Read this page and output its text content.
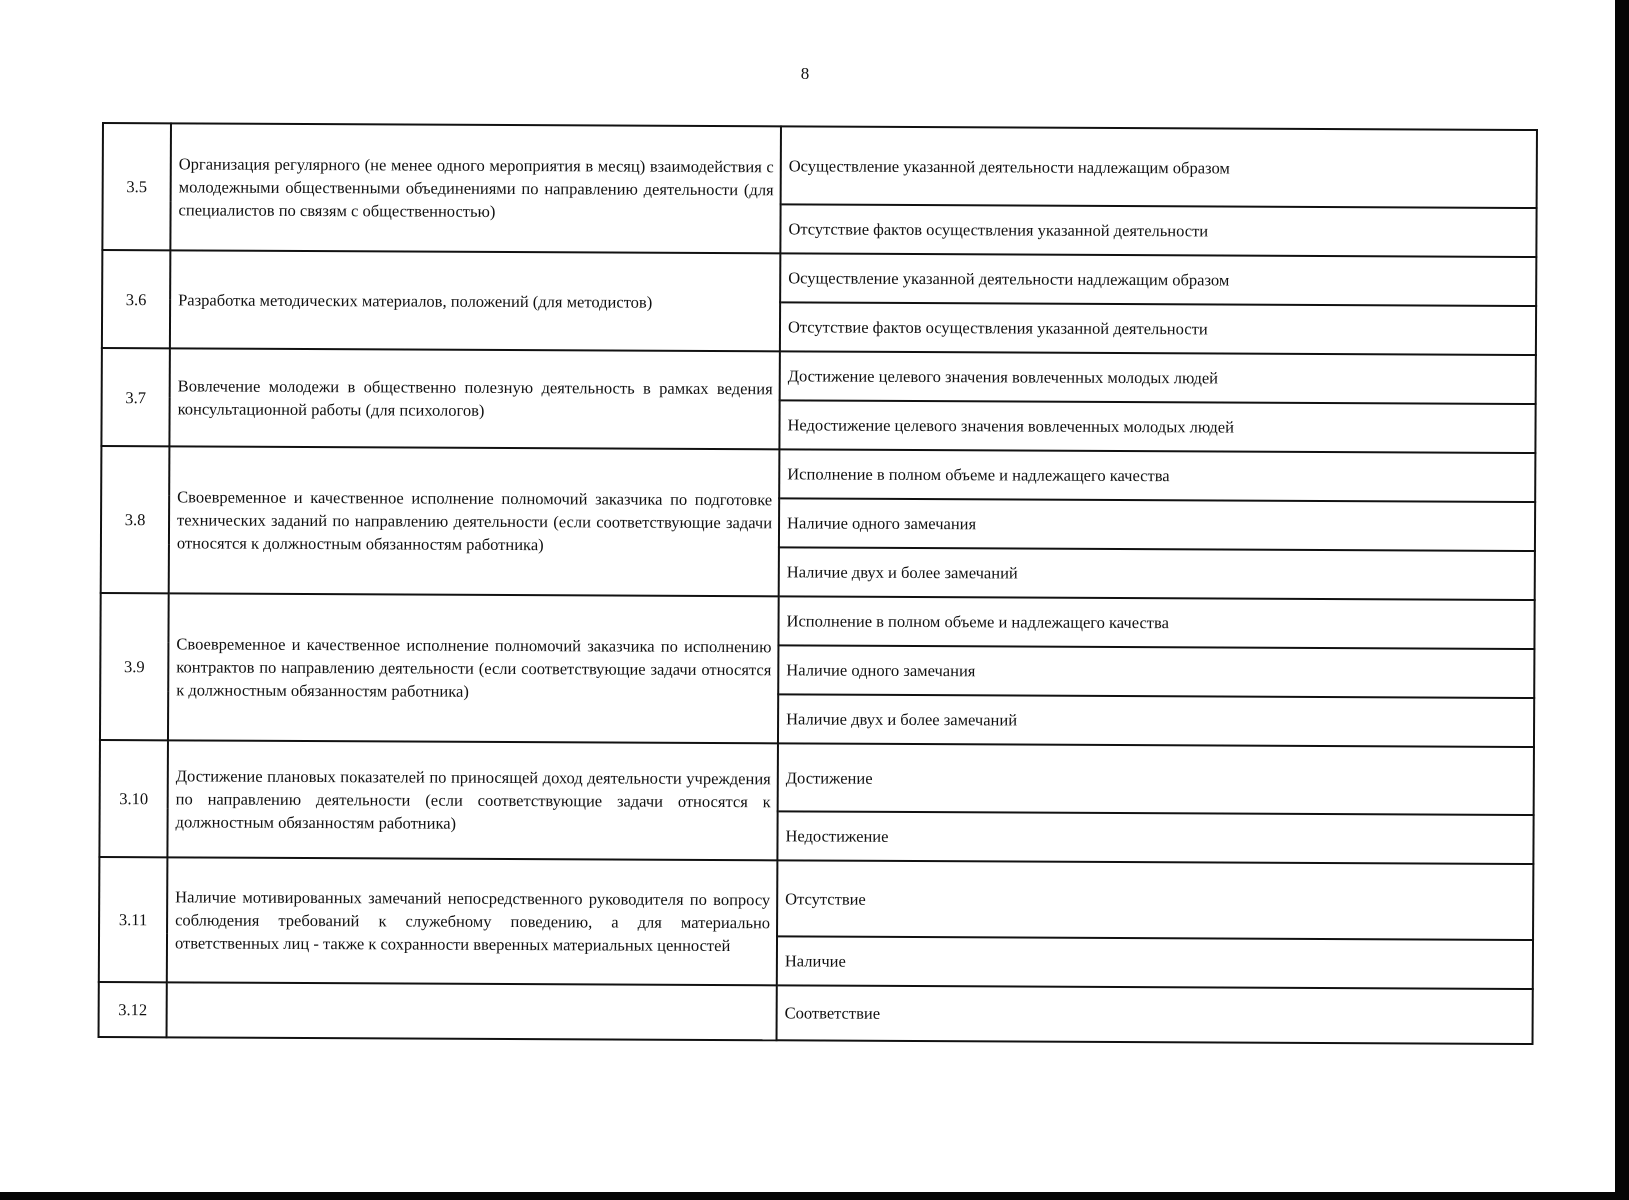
8
3.5	Организация регулярного (не менее одного мероприятия в месяц) взаимодействия с молодежными общественными объединениями по направлению деятельности (для специалистов по связям с общественностью)	Осуществление указанной деятельности надлежащим образом
		Отсутствие фактов осуществления указанной деятельности
3.6	Разработка методических материалов, положений (для методистов)	Осуществление указанной деятельности надлежащим образом
		Отсутствие фактов осуществления указанной деятельности
3.7	Вовлечение молодежи в общественно полезную деятельность в рамках ведения консультационной работы (для психологов)	Достижение целевого значения вовлеченных молодых людей
		Недостижение целевого значения вовлеченных молодых людей
3.8	Своевременное и качественное исполнение полномочий заказчика по подготовке технических заданий по направлению деятельности (если соответствующие задачи относятся к должностным обязанностям работника)	Исполнение в полном объеме и надлежащего качества
		Наличие одного замечания
		Наличие двух и более замечаний
3.9	Своевременное и качественное исполнение полномочий заказчика по исполнению контрактов по направлению деятельности (если соответствующие задачи относятся к должностным обязанностям работника)	Исполнение в полном объеме и надлежащего качества
		Наличие одного замечания
		Наличие двух и более замечаний
3.10	Достижение плановых показателей по приносящей доход деятельности учреждения по направлению деятельности (если соответствующие задачи относятся к должностным обязанностям работника)	Достижение
		Недостижение
3.11	Наличие мотивированных замечаний непосредственного руководителя по вопросу соблюдения требований к служебному поведению, а для материально ответственных лиц - также к сохранности вверенных материальных ценностей	Отсутствие
		Наличие
3.12		Соответствие
